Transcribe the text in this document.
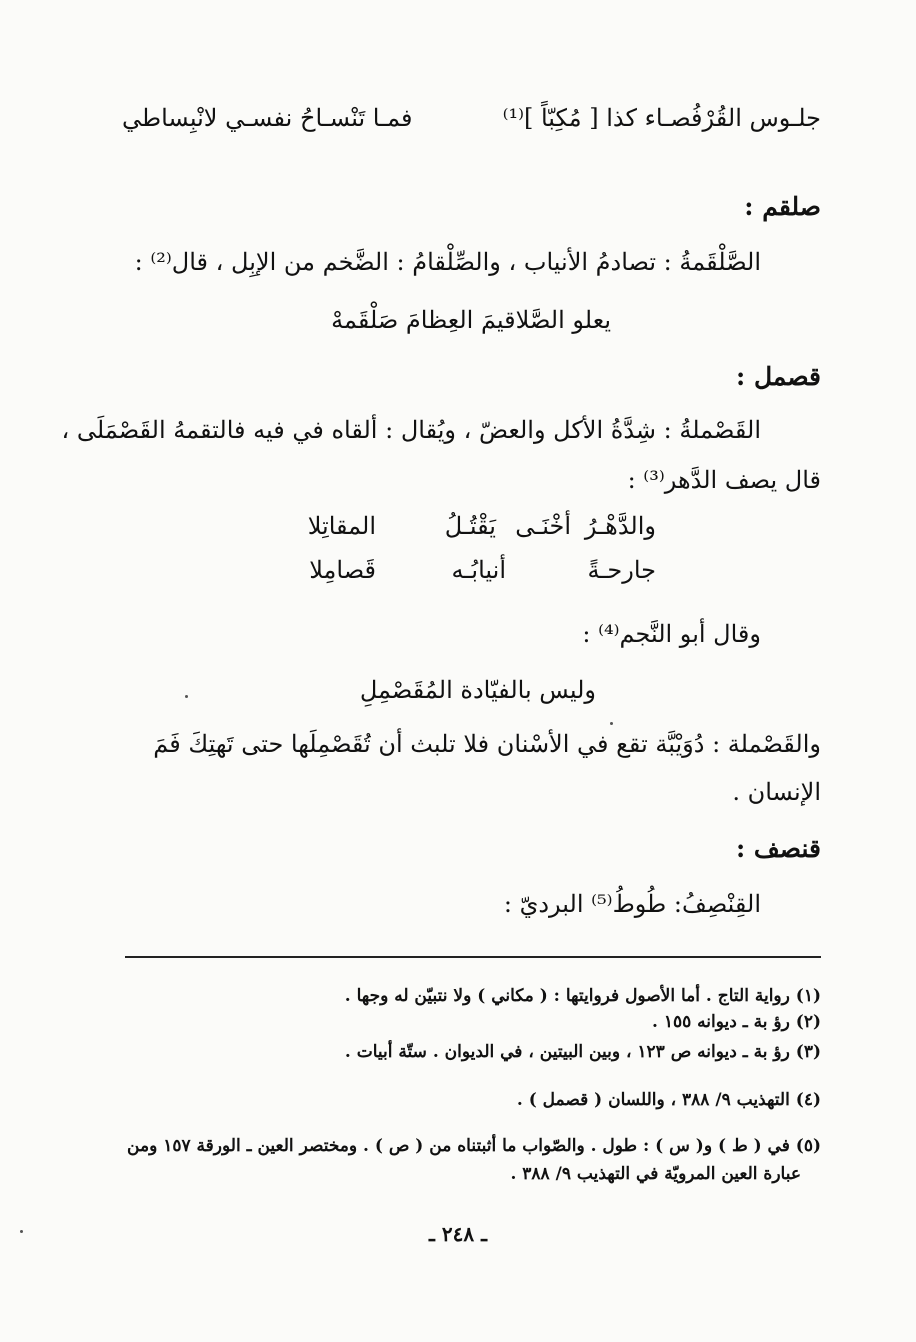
جلـوس القُرْفُصـاء كذا [ مُكِبّاً ]⁽¹⁾
فمـا تَنْسـاحُ نفسـي لانْبِساطي
صلقم :
الصَّلْقَمةُ : تصادمُ الأنياب ، والصِّلْقامُ : الضَّخم من الإبِل ، قال⁽²⁾ :
يعلو الصَّلاقيمَ العِظامَ صَلْقَمهْ
قصمل :
القَصْملةُ : شِدَّةُ الأكل والعضّ ، ويُقال : ألقاه في فيه فالتقمهُ القَصْمَلَى ،
قال يصف الدَّهر⁽³⁾ :
والدَّهْـرُ
أخْنَـى
يَقْتُـلُ
المقاتِلا
جارحـةً
أنيابُـه
قَصامِلا
وقال أبو النَّجم⁽⁴⁾ :
وليس بالفيّادة المُقَصْمِلِ
والقَصْملة : دُوَيْبَّة تقع في الأسْنان فلا تلبث أن تُقَصْمِلَها حتى تَهتِكَ فَمَ
الإنسان .
قنصف :
القِنْصِفُ: طُوطُ⁽⁵⁾ البرديّ :
(١) رواية التاج . أما الأصول فروايتها : ( مكاني ) ولا نتبيّن له وجها .
(٢) رؤ بة ـ ديوانه ١٥٥ .
(٣) رؤ بة ـ ديوانه ص ١٢٣ ، وبين البيتين ، في الديوان . ستّة أبيات .
(٤) التهذيب ٩/ ٣٨٨ ، واللسان ( قصمل ) .
(٥) في ( ط ) و( س ) : طول . والصّواب ما أثبتناه من ( ص ) . ومختصر العين ـ الورقة ١٥٧ ومن
عبارة العين المرويّة في التهذيب ٩/ ٣٨٨ .
ـ ٢٤٨ ـ
